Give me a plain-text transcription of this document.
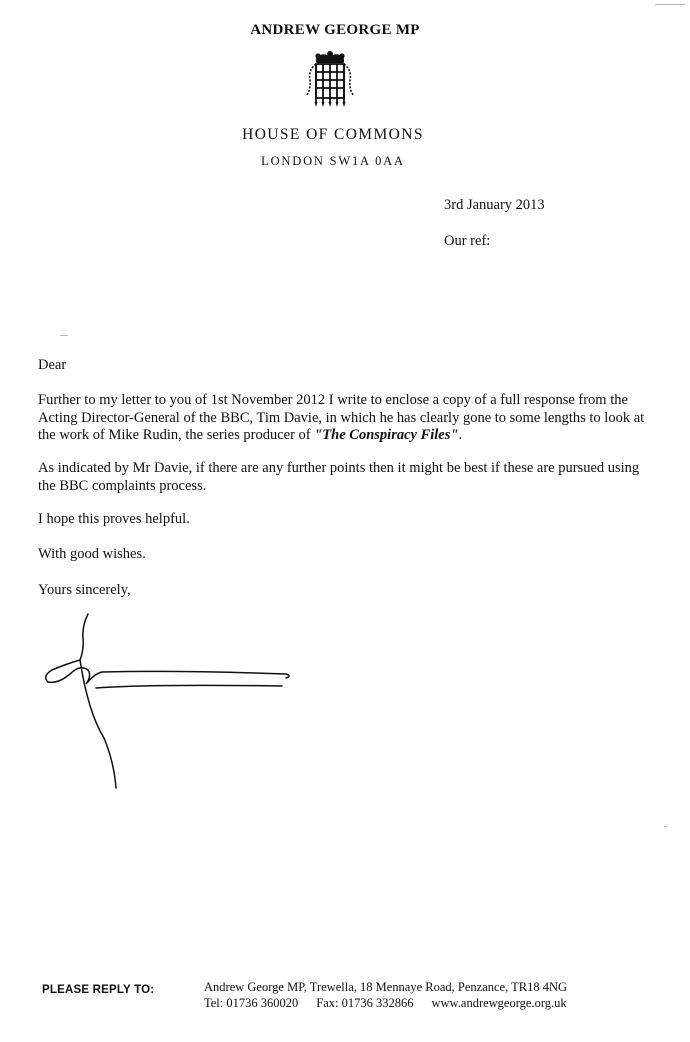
ANDREW GEORGE MP

HOUSE OF COMMONS

LONDON SW1A 0AA

3rd January 2013

Our ref:

Dear

Further to my letter to you of 1st November 2012 I write to enclose a copy of a full response from the Acting Director-General of the BBC, Tim Davie, in which he has clearly gone to some lengths to look at the work of Mike Rudin, the series producer of "The Conspiracy Files".

As indicated by Mr Davie, if there are any further points then it might be best if these are pursued using the BBC complaints process.

I hope this proves helpful.

With good wishes.

Yours sincerely,

PLEASE REPLY TO:	Andrew George MP, Trewella, 18 Mennaye Road, Penzance, TR18 4NG

Tel: 01736 360020 Fax: 01736 332866 www.andrewgeorge.org.uk
